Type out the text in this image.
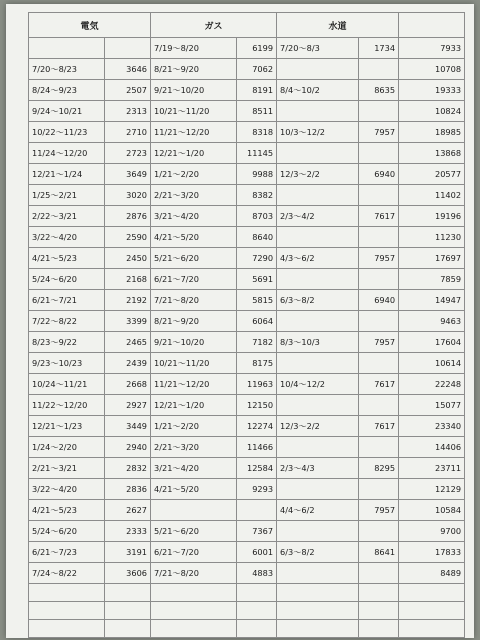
電気		ガス		水道		
		7/19～8/20	6199	7/20～8/3	1734	7933
7/20～8/23	3646	8/21～9/20	7062			10708
8/24～9/23	2507	9/21～10/20	8191	8/4～10/2	8635	19333
9/24～10/21	2313	10/21～11/20	8511			10824
10/22～11/23	2710	11/21～12/20	8318	10/3～12/2	7957	18985
11/24～12/20	2723	12/21～1/20	11145			13868
12/21～1/24	3649	1/21～2/20	9988	12/3～2/2	6940	20577
1/25～2/21	3020	2/21～3/20	8382			11402
2/22～3/21	2876	3/21～4/20	8703	2/3～4/2	7617	19196
3/22～4/20	2590	4/21～5/20	8640			11230
4/21～5/23	2450	5/21～6/20	7290	4/3～6/2	7957	17697
5/24～6/20	2168	6/21～7/20	5691			7859
6/21～7/21	2192	7/21～8/20	5815	6/3～8/2	6940	14947
7/22～8/22	3399	8/21～9/20	6064			9463
8/23～9/22	2465	9/21～10/20	7182	8/3～10/3	7957	17604
9/23～10/23	2439	10/21～11/20	8175			10614
10/24～11/21	2668	11/21～12/20	11963	10/4～12/2	7617	22248
11/22～12/20	2927	12/21～1/20	12150			15077
12/21～1/23	3449	1/21～2/20	12274	12/3～2/2	7617	23340
1/24～2/20	2940	2/21～3/20	11466			14406
2/21～3/21	2832	3/21～4/20	12584	2/3～4/3	8295	23711
3/22～4/20	2836	4/21～5/20	9293			12129
4/21～5/23	2627			4/4～6/2	7957	10584
5/24～6/20	2333	5/21～6/20	7367			9700
6/21～7/23	3191	6/21～7/20	6001	6/3～8/2	8641	17833
7/24～8/22	3606	7/21～8/20	4883			8489
